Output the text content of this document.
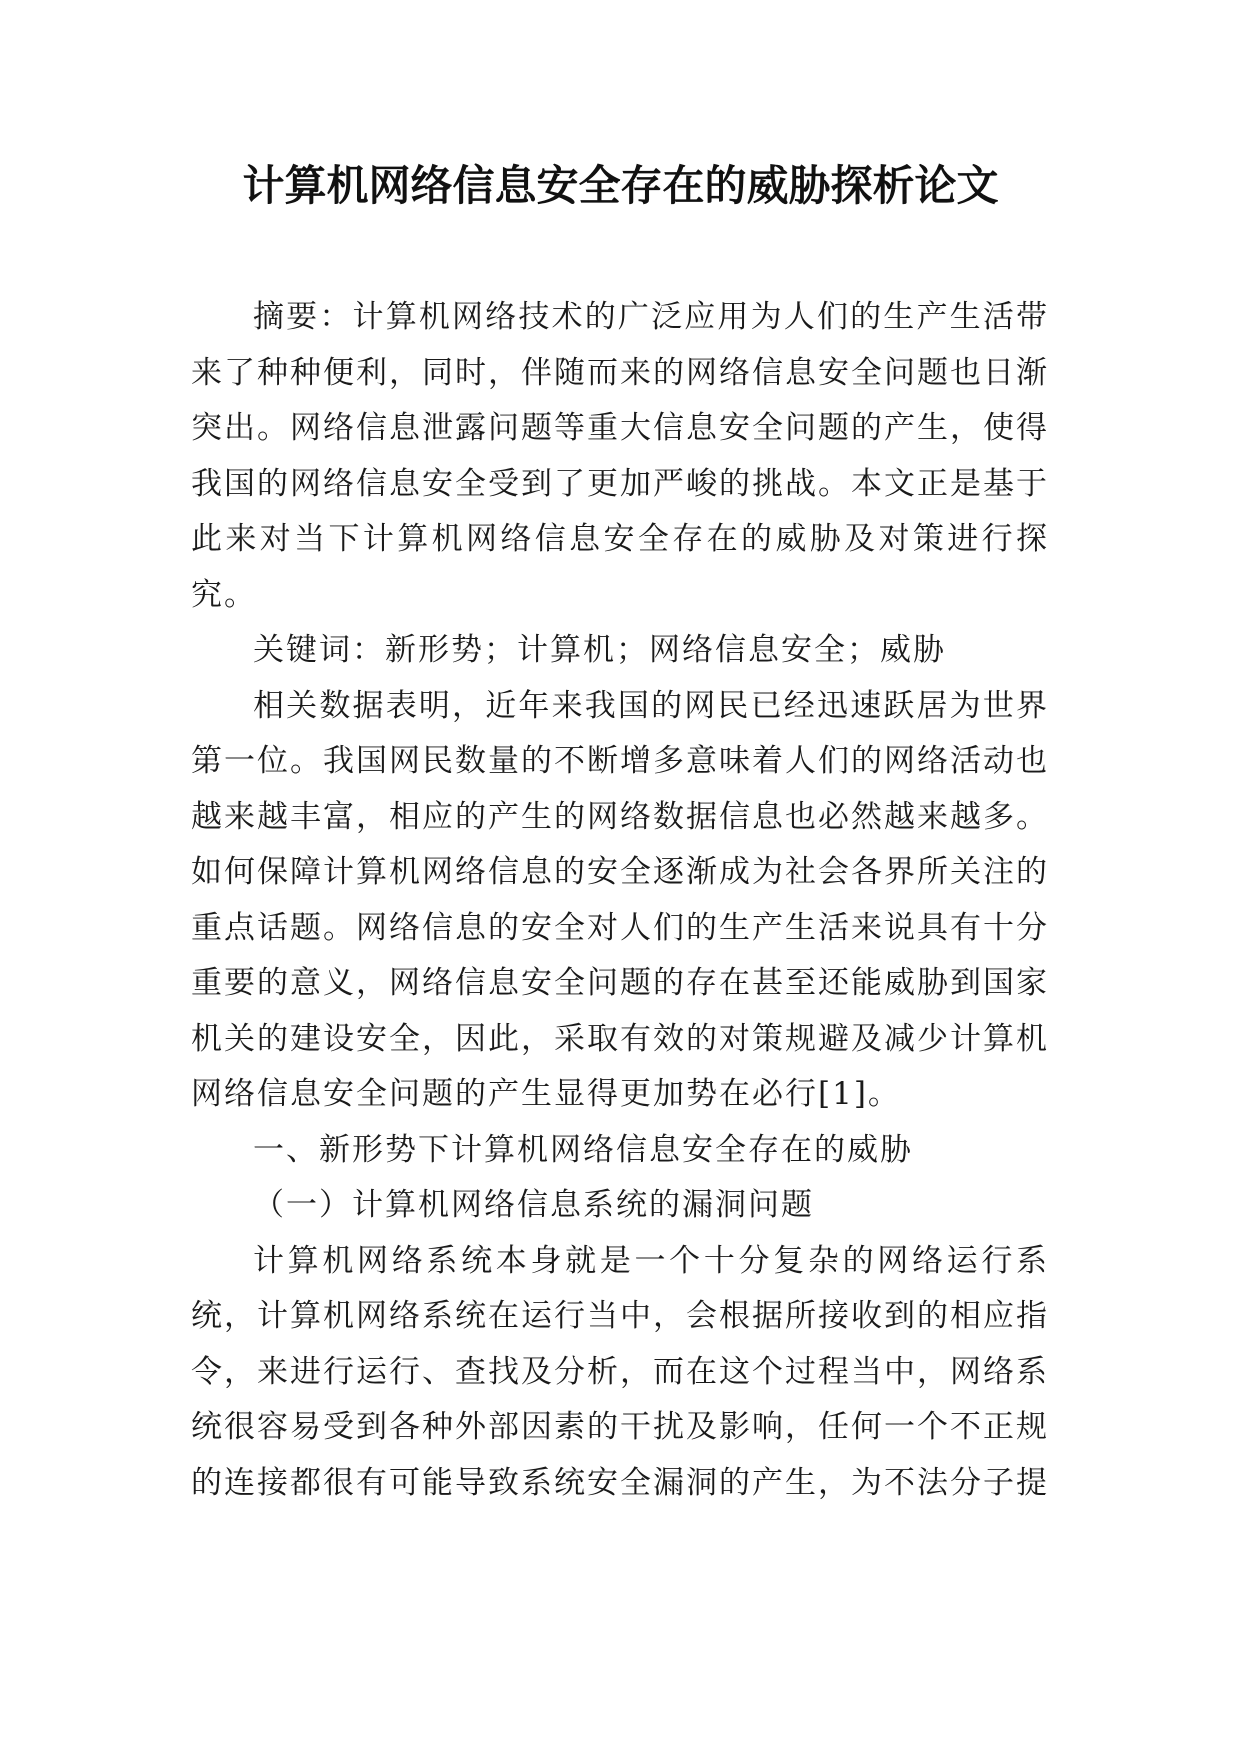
计算机网络信息安全存在的威胁探析论文

摘要：计算机网络技术的广泛应用为人们的生产生活带来了种种便利，同时，伴随而来的网络信息安全问题也日渐突出。网络信息泄露问题等重大信息安全问题的产生，使得我国的网络信息安全受到了更加严峻的挑战。本文正是基于此来对当下计算机网络信息安全存在的威胁及对策进行探究。

关键词：新形势；计算机；网络信息安全；威胁

相关数据表明，近年来我国的网民已经迅速跃居为世界第一位。我国网民数量的不断增多意味着人们的网络活动也越来越丰富，相应的产生的网络数据信息也必然越来越多。如何保障计算机网络信息的安全逐渐成为社会各界所关注的重点话题。网络信息的安全对人们的生产生活来说具有十分重要的意义，网络信息安全问题的存在甚至还能威胁到国家机关的建设安全，因此，采取有效的对策规避及减少计算机网络信息安全问题的产生显得更加势在必行[1]。

一、新形势下计算机网络信息安全存在的威胁

（一）计算机网络信息系统的漏洞问题

计算机网络系统本身就是一个十分复杂的网络运行系统，计算机网络系统在运行当中，会根据所接收到的相应指令，来进行运行、查找及分析，而在这个过程当中，网络系统很容易受到各种外部因素的干扰及影响，任何一个不正规的连接都很有可能导致系统安全漏洞的产生，为不法分子提
